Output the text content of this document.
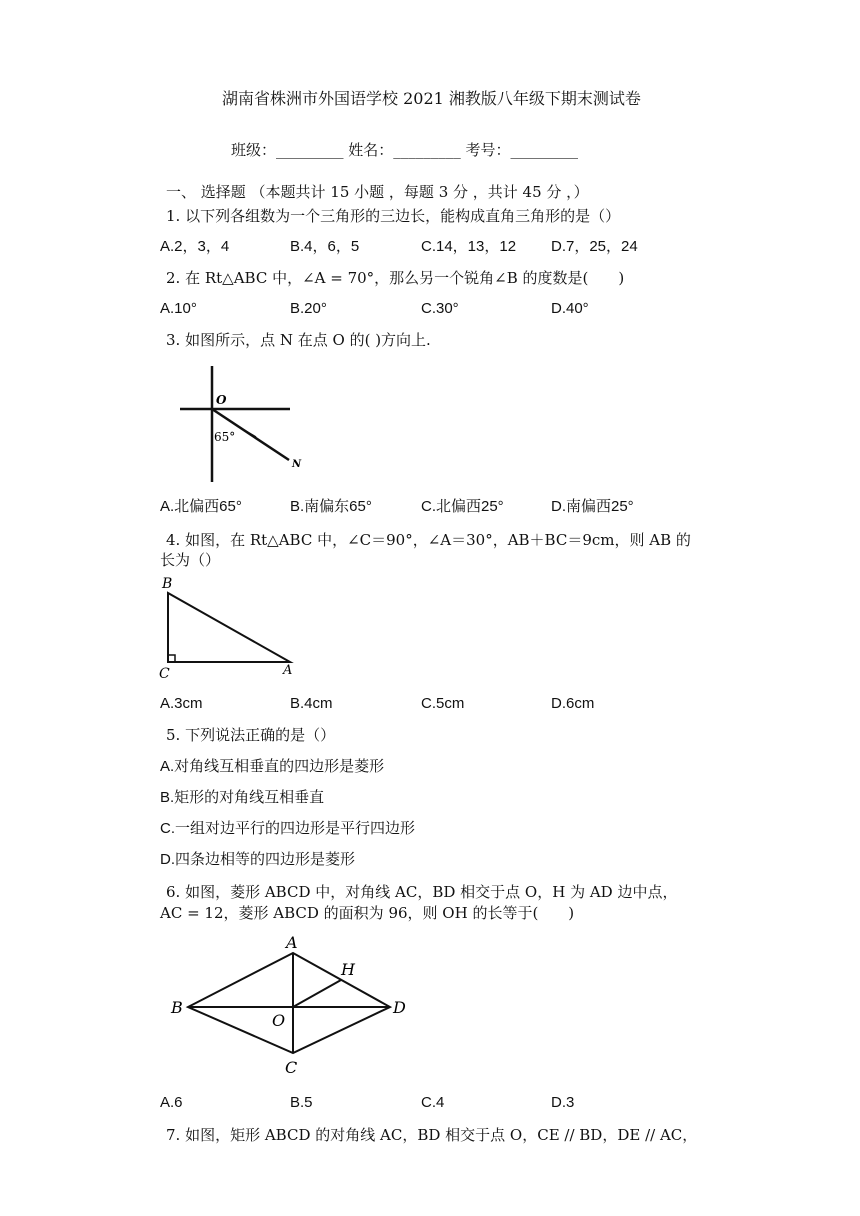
湖南省株洲市外国语学校 2021 湘教版八年级下期末测试卷
班级：_________ 姓名：_________ 考号：_________
一、 选择题 （本题共计 15 小题 ，每题 3 分 ，共计 45 分 ，）
1. 以下列各组数为一个三角形的三边长，能构成直角三角形的是（）
A.2，3，4	B.4，6，5	C.14，13，12 D.7，25，24
2. 在 Rt△ABC 中，∠A = 70°，那么另一个锐角∠B 的度数是(　　)
A.10°	B.20°	C.30°	D.40°
3. 如图所示，点 N 在点 O 的( )方向上.
O
65°
N
A.北偏西65°	B.南偏东65°	C.北偏西25°	D.南偏西25°
4. 如图，在 Rt△ABC 中，∠C＝90°，∠A＝30°，AB＋BC＝9cm，则 AB 的
长为（）
B
C	A
A.3cm	B.4cm	C.5cm	D.6cm
5. 下列说法正确的是（）
A.对角线互相垂直的四边形是菱形
B.矩形的对角线互相垂直
C.一组对边平行的四边形是平行四边形
D.四条边相等的四边形是菱形
6. 如图，菱形 ABCD 中，对角线 AC，BD 相交于点 O，H 为 AD 边中点，
AC = 12，菱形 ABCD 的面积为 96，则 OH 的长等于(　　)
A
H
B
O
D
C
A.6	B.5	C.4	D.3
7. 如图，矩形 ABCD 的对角线 AC，BD 相交于点 O，CE // BD，DE // AC，
